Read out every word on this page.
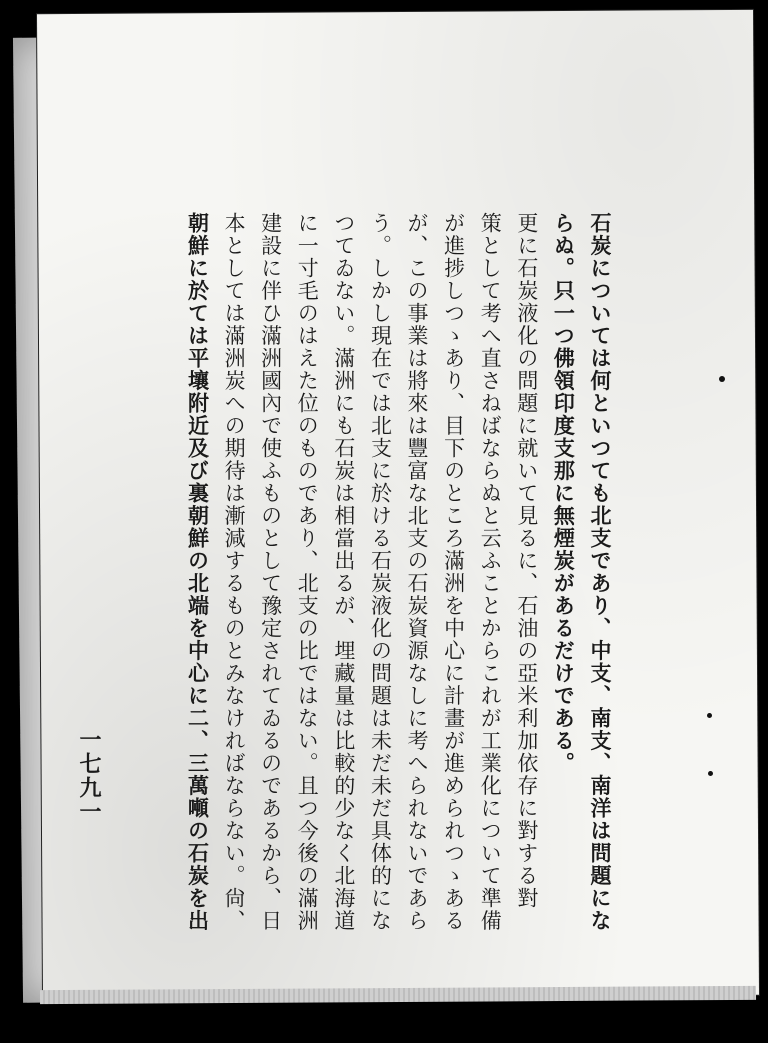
石炭については何といつても北支であり、中支、南支、南洋は問題にな
らぬ。只一つ佛領印度支那に無煙炭があるだけである。
更に石炭液化の問題に就いて見るに、石油の亞米利加依存に對する對
策として考へ直さねばならぬと云ふことからこれが工業化について準備
が進捗しつゝあり、目下のところ滿洲を中心に計畫が進められつゝある
が、この事業は將來は豐富な北支の石炭資源なしに考へられないであら
う。しかし現在では北支に於ける石炭液化の問題は未だ未だ具体的にな
つてゐない。滿洲にも石炭は相當出るが、埋藏量は比較的少なく北海道
に一寸毛のはえた位のものであり、北支の比ではない。且つ今後の滿洲
建設に伴ひ滿洲國內で使ふものとして豫定されてゐるのであるから、日
本としては滿洲炭への期待は漸減するものとみなければならない。尙、
朝鮮に於ては平壤附近及び裏朝鮮の北端を中心に二、三萬噸の石炭を出
一七九一
